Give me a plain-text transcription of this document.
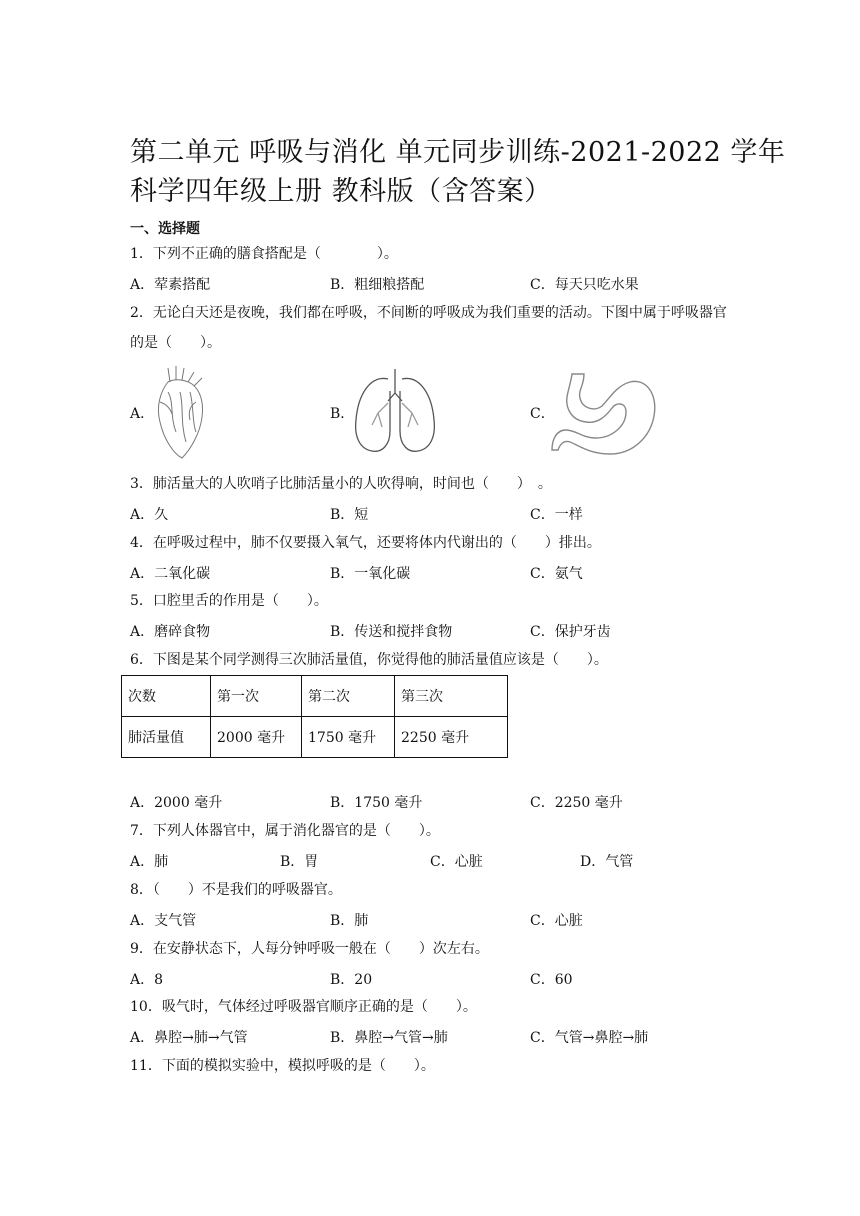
第二单元 呼吸与消化 单元同步训练-2021-2022 学年
科学四年级上册 教科版（含答案）
一、选择题
1．下列不正确的膳食搭配是（　　　　）。
A．荤素搭配	B．粗细粮搭配	C．每天只吃水果
2．无论白天还是夜晚，我们都在呼吸，不间断的呼吸成为我们重要的活动。下图中属于呼吸器官的是（　　）。
A．	B．	C．
3．肺活量大的人吹哨子比肺活量小的人吹得响，时间也（　　）　。
A．久	B．短	C．一样
4．在呼吸过程中，肺不仅要摄入氧气，还要将体内代谢出的（　　）排出。
A．二氧化碳	B．一氧化碳	C．氨气
5．口腔里舌的作用是（　　）。
A．磨碎食物	B．传送和搅拌食物	C．保护牙齿
6．下图是某个同学测得三次肺活量值，你觉得他的肺活量值应该是（　　）。
次数	第一次	第二次	第三次
肺活量值	2000 毫升	1750 毫升	2250 毫升
A．2000 毫升	B．1750 毫升	C．2250 毫升
7．下列人体器官中，属于消化器官的是（　　）。
A．肺	B．胃	C．心脏	D．气管
8．（　　）不是我们的呼吸器官。
A．支气管	B．肺	C．心脏
9．在安静状态下，人每分钟呼吸一般在（　　）次左右。
A．8	B．20	C．60
10．吸气时，气体经过呼吸器官顺序正确的是（　　）。
A．鼻腔→肺→气管	B．鼻腔→气管→肺	C．气管→鼻腔→肺
11．下面的模拟实验中，模拟呼吸的是（　　）。
